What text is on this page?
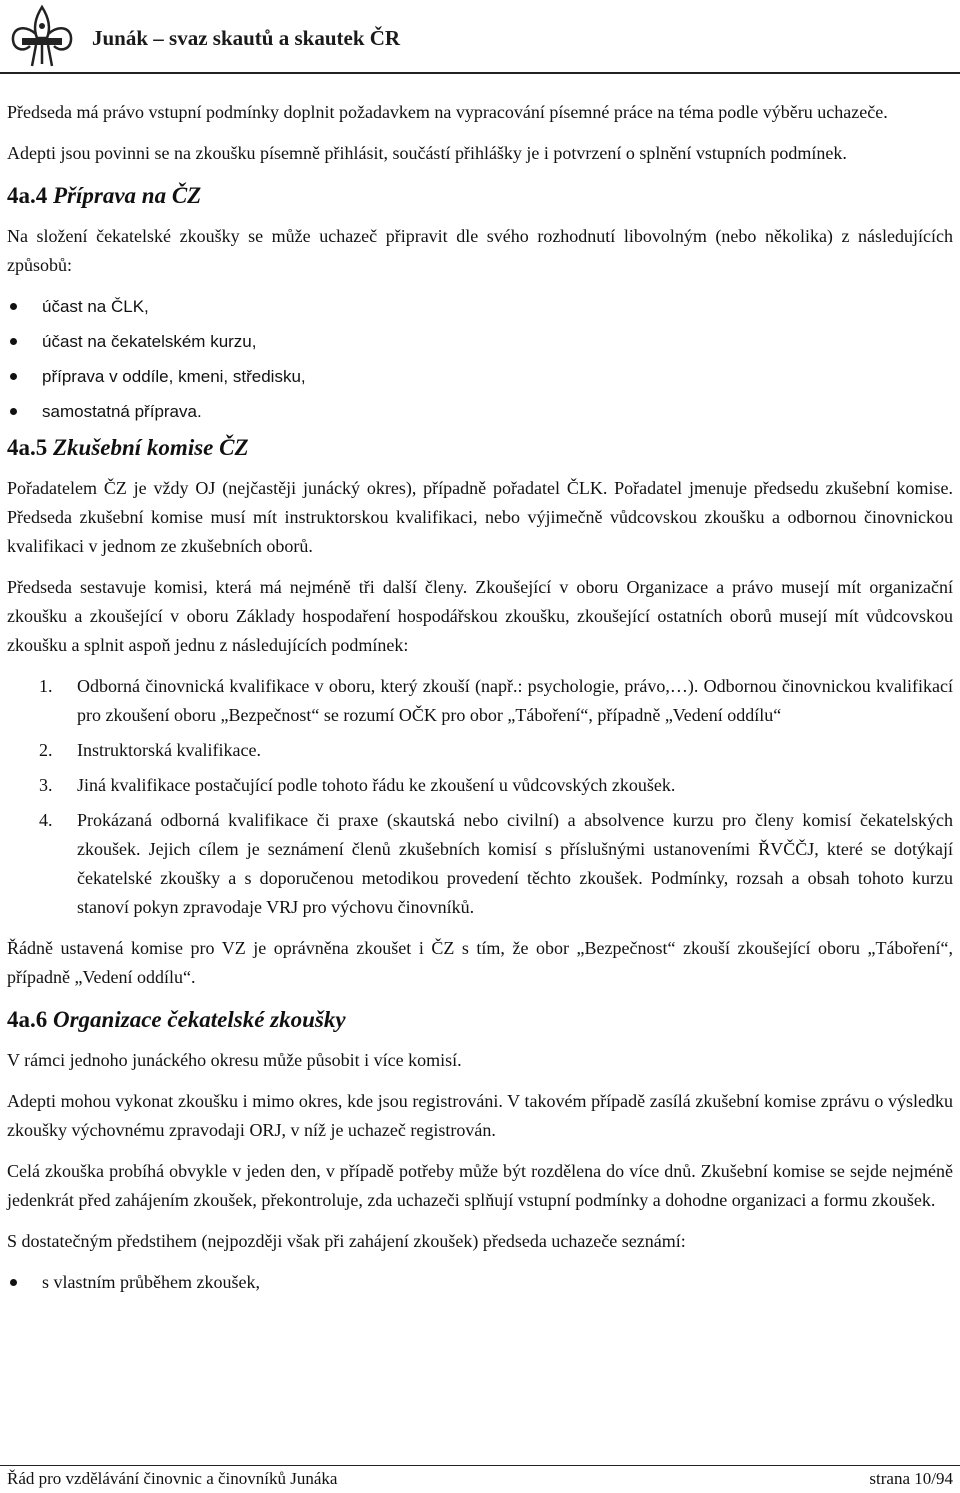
Junák – svaz skautů a skautek ČR

Předseda má právo vstupní podmínky doplnit požadavkem na vypracování písemné práce na téma podle výběru uchazeče.

Adepti jsou povinni se na zkoušku písemně přihlásit, součástí přihlášky je i potvrzení o splnění vstupních podmínek.

4a.4 Příprava na ČZ

Na složení čekatelské zkoušky se může uchazeč připravit dle svého rozhodnutí libovolným (nebo několika) z následujících způsobů:

účast na ČLK,
účast na čekatelském kurzu,
příprava v oddíle, kmeni, středisku,
samostatná příprava.
4a.5 Zkušební komise ČZ

Pořadatelem ČZ je vždy OJ (nejčastěji junácký okres), případně pořadatel ČLK. Pořadatel jmenuje předsedu zkušební komise. Předseda zkušební komise musí mít instruktorskou kvalifikaci, nebo výjimečně vůdcovskou zkoušku a odbornou činovnickou kvalifikaci v jednom ze zkušebních oborů.

Předseda sestavuje komisi, která má nejméně tři další členy. Zkoušející v oboru Organizace a právo musejí mít organizační zkoušku a zkoušející v oboru Základy hospodaření hospodářskou zkoušku, zkoušející ostatních oborů musejí mít vůdcovskou zkoušku a splnit aspoň jednu z následujících podmínek:

1. Odborná činovnická kvalifikace v oboru, který zkouší (např.: psychologie, právo,…). Odbornou činovnickou kvalifikací pro zkoušení oboru „Bezpečnost“ se rozumí OČK pro obor „Táboření“, případně „Vedení oddílu“
2. Instruktorská kvalifikace.
3. Jiná kvalifikace postačující podle tohoto řádu ke zkoušení u vůdcovských zkoušek.
4. Prokázaná odborná kvalifikace či praxe (skautská nebo civilní) a absolvence kurzu pro členy komisí čekatelských zkoušek. Jejich cílem je seznámení členů zkušebních komisí s příslušnými ustanoveními ŘVČČJ, které se dotýkají čekatelské zkoušky a s doporučenou metodikou provedení těchto zkoušek. Podmínky, rozsah a obsah tohoto kurzu stanoví pokyn zpravodaje VRJ pro výchovu činovníků.

Řádně ustavená komise pro VZ je oprávněna zkoušet i ČZ s tím, že obor „Bezpečnost“ zkouší zkoušející oboru „Táboření“, případně „Vedení oddílu“.

4a.6 Organizace čekatelské zkoušky

V rámci jednoho junáckého okresu může působit i více komisí.

Adepti mohou vykonat zkoušku i mimo okres, kde jsou registrováni. V takovém případě zasílá zkušební komise zprávu o výsledku zkoušky výchovnému zpravodaji ORJ, v níž je uchazeč registrován.

Celá zkouška probíhá obvykle v jeden den, v případě potřeby může být rozdělena do více dnů. Zkušební komise se sejde nejméně jedenkrát před zahájením zkoušek, překontroluje, zda uchazeči splňují vstupní podmínky a dohodne organizaci a formu zkoušek.

S dostatečným předstihem (nejpozději však při zahájení zkoušek) předseda uchazeče seznámí:

s vlastním průběhem zkoušek,
Řád pro vzdělávání činovnic a činovníků Junáka	strana 10/94
